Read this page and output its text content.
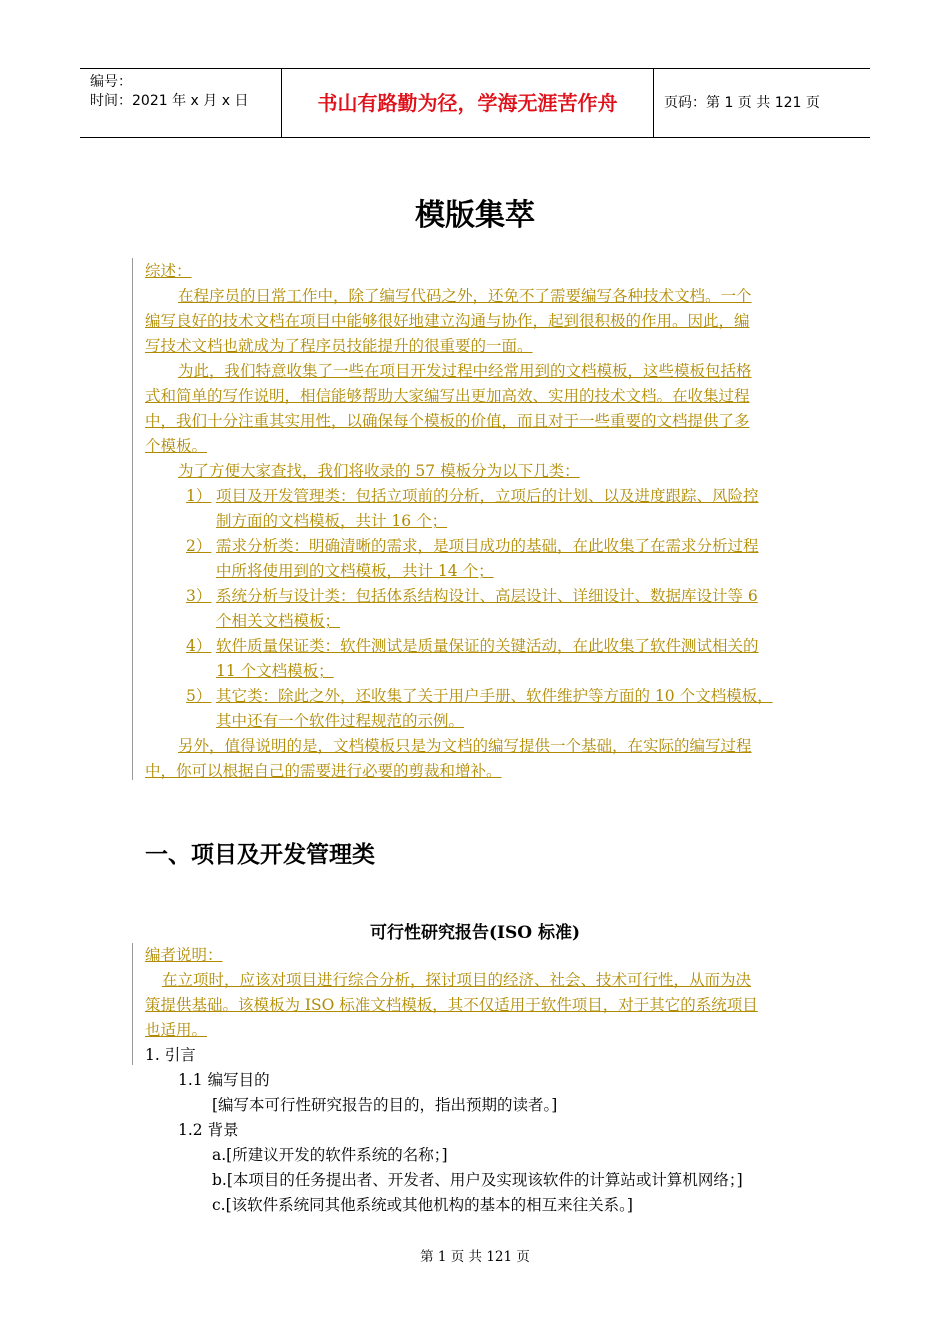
编号：
时间：2021 年 x 月 x 日	书山有路勤为径，学海无涯苦作舟	页码：第 1 页 共 121 页
模版集萃
综述：
在程序员的日常工作中，除了编写代码之外，还免不了需要编写各种技术文档。一个
编写良好的技术文档在项目中能够很好地建立沟通与协作，起到很积极的作用。因此，编
写技术文档也就成为了程序员技能提升的很重要的一面。
为此，我们特意收集了一些在项目开发过程中经常用到的文档模板，这些模板包括格
式和简单的写作说明，相信能够帮助大家编写出更加高效、实用的技术文档。在收集过程
中，我们十分注重其实用性，以确保每个模板的价值，而且对于一些重要的文档提供了多
个模板。
为了方便大家查找，我们将收录的 57 模板分为以下几类：
1） 项目及开发管理类：包括立项前的分析，立项后的计划、以及进度跟踪、风险控
制方面的文档模板，共计 16 个；
2） 需求分析类：明确清晰的需求，是项目成功的基础，在此收集了在需求分析过程
中所将使用到的文档模板，共计 14 个；
3） 系统分析与设计类：包括体系结构设计、高层设计、详细设计、数据库设计等 6
个相关文档模板；
4） 软件质量保证类：软件测试是质量保证的关键活动，在此收集了软件测试相关的
11 个文档模板；
5） 其它类：除此之外，还收集了关于用户手册、软件维护等方面的 10 个文档模板，
其中还有一个软件过程规范的示例。
另外，值得说明的是，文档模板只是为文档的编写提供一个基础，在实际的编写过程
中，你可以根据自己的需要进行必要的剪裁和增补。
一、项目及开发管理类
可行性研究报告(ISO 标准)
编者说明：
在立项时，应该对项目进行综合分析，探讨项目的经济、社会、技术可行性，从而为决
策提供基础。该模板为 ISO 标准文档模板，其不仅适用于软件项目，对于其它的系统项目
也适用。
1. 引言
1.1 编写目的
[编写本可行性研究报告的目的，指出预期的读者。]
1.2 背景
a.[所建议开发的软件系统的名称；]
b.[本项目的任务提出者、开发者、用户及实现该软件的计算站或计算机网络；]
c.[该软件系统同其他系统或其他机构的基本的相互来往关系。]
第 1 页 共 121 页
